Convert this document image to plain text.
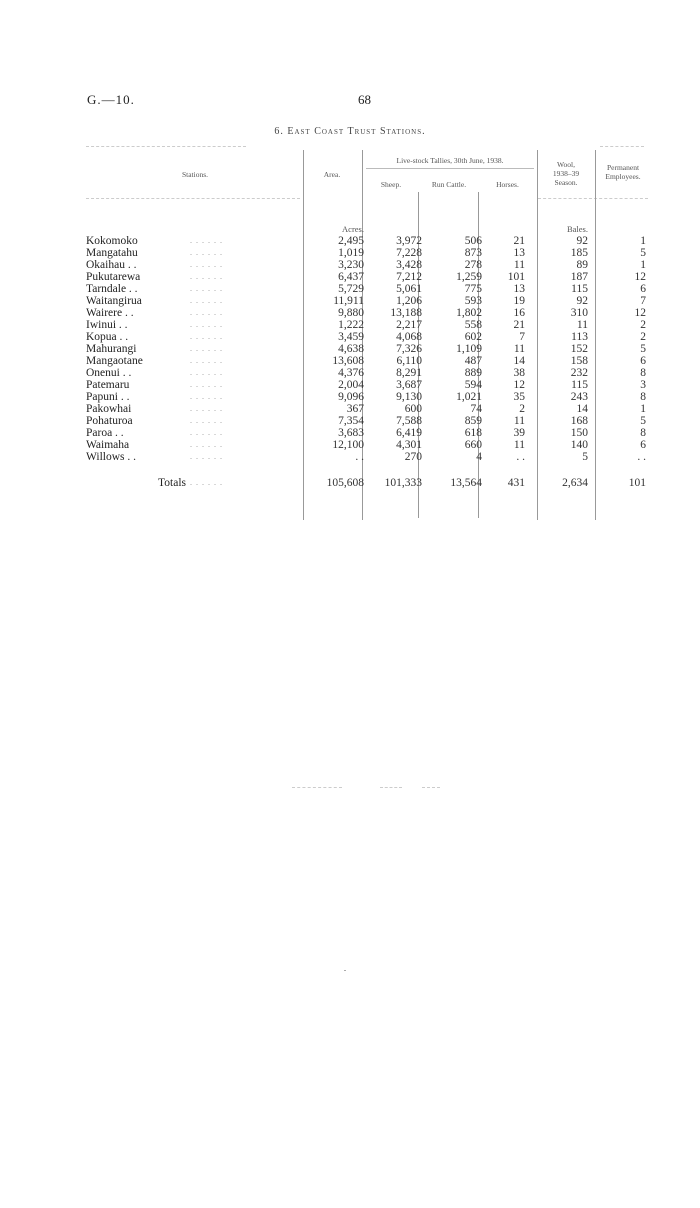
G.—10.	68
6. East Coast Trust Stations.
Stations.	Area.
Live-stock Tallies, 30th June, 1938.
Sheep.	Run Cattle.	Horses.
Wool,
1938–39
Season.
Permanent
Employees.

		Acres.					Bales.	
Kokomoko	. . . . . .	2,495	3,972	506	21		92	1
Mangatahu	. . . . . .	1,019	7,228	873	13		185	5
Okaihau . .	. . . . . .	3,230	3,428	278	11		89	1
Pukutarewa	. . . . . .	6,437	7,212	1,259	101		187	12
Tarndale . .	. . . . . .	5,729	5,061	775	13		115	6
Waitangirua	. . . . . .	11,911	1,206	593	19		92	7
Wairere . .	. . . . . .	9,880	13,188	1,802	16		310	12
Iwinui . .	. . . . . .	1,222	2,217	558	21		11	2
Kopua . .	. . . . . .	3,459	4,068	602	7		113	2
Mahurangi	. . . . . .	4,638	7,326	1,109	11		152	5
Mangaotane	. . . . . .	13,608	6,110	487	14		158	6
Onenui . .	. . . . . .	4,376	8,291	889	38		232	8
Patemaru	. . . . . .	2,004	3,687	594	12		115	3
Papuni . .	. . . . . .	9,096	9,130	1,021	35		243	8
Pakowhai	. . . . . .	367	600	74	2		14	1
Pohaturoa	. . . . . .	7,354	7,588	859	11		168	5
Paroa . .	. . . . . .	3,683	6,419	618	39		150	8
Waimaha	. . . . . .	12,100	4,301	660	11		140	6
Willows . .	. . . . . .	. .	270	4	. .		5	. .

Totals	. . . . . .	105,608	101,333	13,564	431		2,634	101
